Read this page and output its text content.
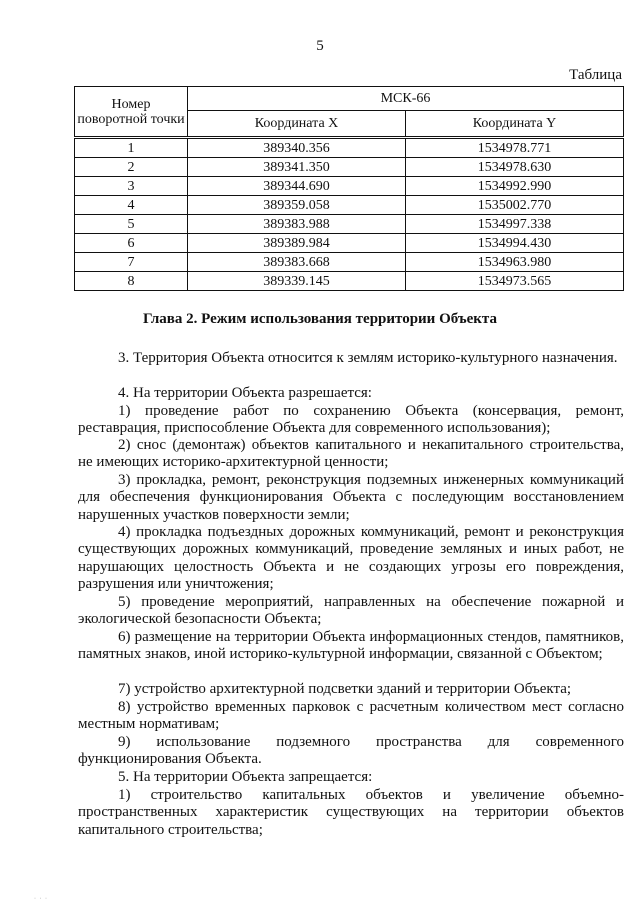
5
Таблица
Номер поворотной точки	МСК-66	
	Координата X	Координата Y
1	389340.356	1534978.771
2	389341.350	1534978.630
3	389344.690	1534992.990
4	389359.058	1535002.770
5	389383.988	1534997.338
6	389389.984	1534994.430
7	389383.668	1534963.980
8	389339.145	1534973.565
Глава 2. Режим использования территории Объекта
3. Территория Объекта относится к землям историко-культурного назначения.
4. На территории Объекта разрешается:
1) проведение работ по сохранению Объекта (консервация, ремонт, реставрация, приспособление Объекта для современного использования);
2) снос (демонтаж) объектов капитального и некапитального строительства, не имеющих историко-архитектурной ценности;
3) прокладка, ремонт, реконструкция подземных инженерных коммуникаций для обеспечения функционирования Объекта с последующим восстановлением нарушенных участков поверхности земли;
4) прокладка подъездных дорожных коммуникаций, ремонт и реконструкция существующих дорожных коммуникаций, проведение земляных и иных работ, не нарушающих целостность Объекта и не создающих угрозы его повреждения, разрушения или уничтожения;
5) проведение мероприятий, направленных на обеспечение пожарной и экологической безопасности Объекта;
6) размещение на территории Объекта информационных стендов, памятников, памятных знаков, иной историко-культурной информации, связанной с Объектом;
7) устройство архитектурной подсветки зданий и территории Объекта;
8) устройство временных парковок с расчетным количеством мест согласно местным нормативам;
9) использование подземного пространства для современного функционирования Объекта.
5. На территории Объекта запрещается:
1) строительство капитальных объектов и увеличение объемно-пространственных характеристик существующих на территории объектов капитального строительства;
· · ·
